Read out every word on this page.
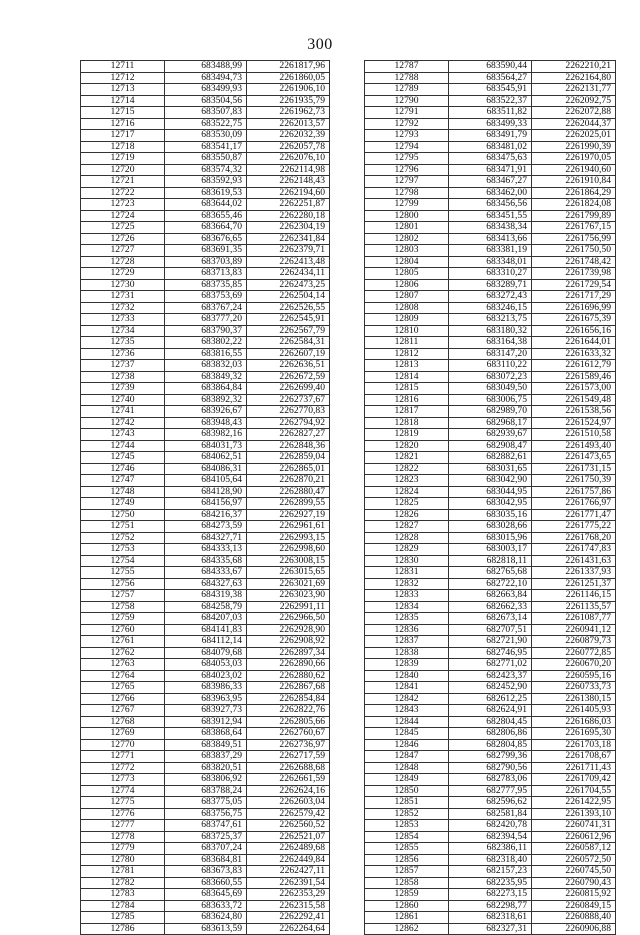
300
12711	683488,99	2261817,96
12712	683494,73	2261860,05
12713	683499,93	2261906,10
12714	683504,56	2261935,79
12715	683507,83	2261962,73
12716	683522,75	2262013,57
12717	683530,09	2262032,39
12718	683541,17	2262057,78
12719	683550,87	2262076,10
12720	683574,32	2262114,98
12721	683592,93	2262148,43
12722	683619,53	2262194,60
12723	683644,02	2262251,87
12724	683655,46	2262280,18
12725	683664,70	2262304,19
12726	683676,65	2262341,84
12727	683691,35	2262379,71
12728	683703,89	2262413,48
12729	683713,83	2262434,11
12730	683735,85	2262473,25
12731	683753,69	2262504,14
12732	683767,24	2262526,55
12733	683777,20	2262545,91
12734	683790,37	2262567,79
12735	683802,22	2262584,31
12736	683816,55	2262607,19
12737	683832,03	2262636,51
12738	683849,32	2262672,59
12739	683864,84	2262699,40
12740	683892,32	2262737,67
12741	683926,67	2262770,83
12742	683948,43	2262794,92
12743	683982,16	2262827,27
12744	684031,73	2262848,36
12745	684062,51	2262859,04
12746	684086,31	2262865,01
12747	684105,64	2262870,21
12748	684128,90	2262880,47
12749	684156,97	2262899,55
12750	684216,37	2262927,19
12751	684273,59	2262961,61
12752	684327,71	2262993,15
12753	684333,13	2262998,60
12754	684335,68	2263008,15
12755	684333,67	2263015,65
12756	684327,63	2263021,69
12757	684319,38	2263023,90
12758	684258,79	2262991,11
12759	684207,03	2262966,50
12760	684141,83	2262928,90
12761	684112,14	2262908,92
12762	684079,68	2262897,34
12763	684053,03	2262890,66
12764	684023,02	2262880,62
12765	683986,33	2262867,68
12766	683963,95	2262854,84
12767	683927,73	2262822,76
12768	683912,94	2262805,66
12769	683868,64	2262760,67
12770	683849,51	2262736,97
12771	683837,29	2262717,59
12772	683820,51	2262688,68
12773	683806,92	2262661,59
12774	683788,24	2262624,16
12775	683775,05	2262603,04
12776	683756,75	2262579,42
12777	683747,61	2262560,52
12778	683725,37	2262521,07
12779	683707,24	2262489,68
12780	683684,81	2262449,84
12781	683673,83	2262427,11
12782	683660,55	2262391,54
12783	683645,69	2262353,29
12784	683633,72	2262315,58
12785	683624,80	2262292,41
12786	683613,59	2262264,64
12787	683590,44	2262210,21
12788	683564,27	2262164,80
12789	683545,91	2262131,77
12790	683522,37	2262092,75
12791	683511,82	2262072,88
12792	683499,33	2262044,37
12793	683491,79	2262025,01
12794	683481,02	2261990,39
12795	683475,63	2261970,05
12796	683471,91	2261940,60
12797	683467,27	2261910,84
12798	683462,00	2261864,29
12799	683456,56	2261824,08
12800	683451,55	2261799,89
12801	683438,34	2261767,15
12802	683413,66	2261756,99
12803	683381,19	2261750,50
12804	683348,01	2261748,42
12805	683310,27	2261739,98
12806	683289,71	2261729,54
12807	683272,43	2261717,29
12808	683246,15	2261696,99
12809	683213,75	2261675,39
12810	683180,32	2261656,16
12811	683164,38	2261644,01
12812	683147,20	2261633,32
12813	683110,22	2261612,79
12814	683072,23	2261589,46
12815	683049,50	2261573,00
12816	683006,75	2261549,48
12817	682989,70	2261538,56
12818	682968,17	2261524,97
12819	682939,67	2261510,58
12820	682908,47	2261493,40
12821	682882,61	2261473,65
12822	683031,65	2261731,15
12823	683042,90	2261750,39
12824	683044,95	2261757,86
12825	683042,95	2261766,97
12826	683035,16	2261771,47
12827	683028,66	2261775,22
12828	683015,96	2261768,20
12829	683003,17	2261747,83
12830	682818,11	2261431,63
12831	682765,68	2261337,93
12832	682722,10	2261251,37
12833	682663,84	2261146,15
12834	682662,33	2261135,57
12835	682673,14	2261087,77
12836	682707,51	2260941,12
12837	682721,90	2260879,73
12838	682746,95	2260772,85
12839	682771,02	2260670,20
12840	682423,37	2260595,16
12841	682452,90	2260733,73
12842	682612,25	2261380,15
12843	682624,91	2261405,93
12844	682804,45	2261686,03
12845	682806,86	2261695,30
12846	682804,85	2261703,18
12847	682799,36	2261708,67
12848	682790,56	2261711,43
12849	682783,06	2261709,42
12850	682777,95	2261704,55
12851	682596,62	2261422,95
12852	682581,84	2261393,10
12853	682420,78	2260741,31
12854	682394,54	2260612,96
12855	682386,11	2260587,12
12856	682318,40	2260572,50
12857	682157,23	2260745,50
12858	682235,95	2260790,43
12859	682273,15	2260815,92
12860	682298,77	2260849,15
12861	682318,61	2260888,40
12862	682327,31	2260906,88
